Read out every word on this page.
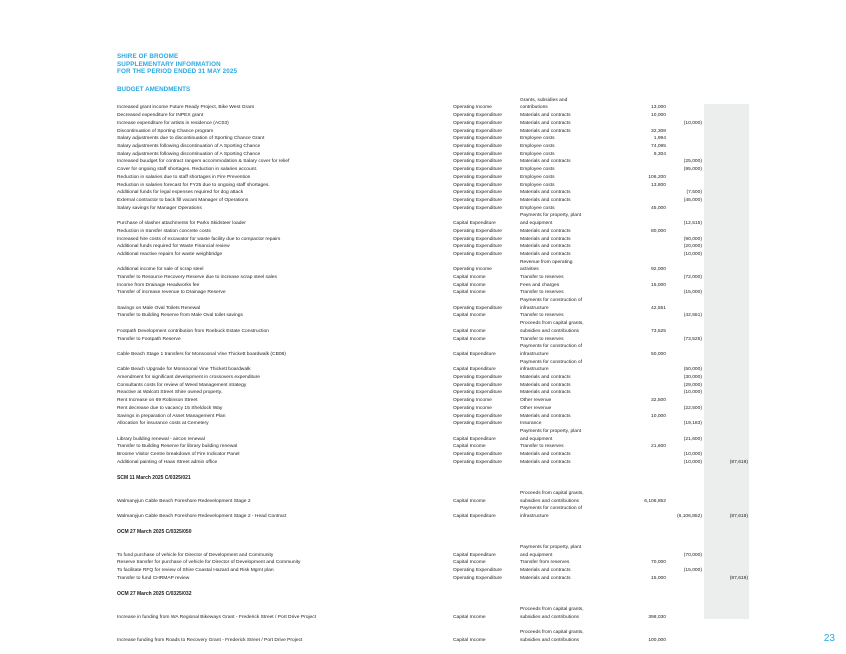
SHIRE OF BROOME
SUPPLEMENTARY INFORMATION
FOR THE PERIOD ENDED 31 MAY 2025
BUDGET AMENDMENTS
Grants, subsidies and
Increased grant income Future Ready Project, Bike West Grant	Operating Income	contributions	13,000
Decreased expenditure for INPEX grant	Operating Expenditure	Materials and contracts	10,000
Increase expenditure for artists in residence (AC03)	Operating Expenditure	Materials and contracts	(10,000)
Discontinuation of Sporting Chance program	Operating Expenditure	Materials and contracts	32,308
Salary adjustments due to discontinuation of Sporting Chance Grant	Operating Expenditure	Employee costs	1,994
Salary adjustments following discontinuation of A Sporting Chance	Operating Expenditure	Employee costs	74,095
Salary adjustments following discontinuation of A Sporting Chance	Operating Expenditure	Employee costs	9,304
Increased buudget for contract rangers accommodation & Salary cover for relief	Operating Expenditure	Materials and contracts	(25,000)
Cover for ongoing staff shortages. Reduction in salaries account.	Operating Expenditure	Employee costs	(95,000)
Reduction in salaries due to staff shortages in Fire Prevention	Operating Expenditure	Employee costs	106,200
Reduction in salaries forecast for FY25 due to ongoing staff shortages.	Operating Expenditure	Employee costs	13,800
Additional funds for legal expenses required for dog attack	Operating Expenditure	Materials and contracts	(7,500)
External contractor to back fill vacant Manager of Operations	Operating Expenditure	Materials and contracts	(45,000)
Salary savings for Manager Operations	Operating Expenditure	Employee costs	45,000
Payments for property, plant
Purchase of slasher attachments for Parks Skidsteer loader	Capital Expenditure	and equipment	(12,515)
Reduction in transfer station concrete costs	Operating Expenditure	Materials and contracts	80,000
Increased hire costs of excavator for waste facility due to compactor repairs	Operating Expenditure	Materials and contracts	(90,000)
Additional funds required for Waste Financial review	Operating Expenditure	Materials and contracts	(20,000)
Additional reactive repairs for waste weighbridge	Operating Expenditure	Materials and contracts	(10,000)
Revenue from operating
Additional income for sale of scrap steel	Operating Income	activities	92,000
Transfer to Resource Recovery Reserve due to increase scrap steel sales	Capital Income	Transfer to reserves	(72,000)
Income from Drainage Headworks fee	Capital Income	Fees and charges	15,000
Transfer of increase revenue to Drainage Reserve	Capital Income	Transfer to reserves	(15,000)
Payments for construction of
Savings on Male Oval Toilets Renewal	Operating Expenditure	infrastructure	42,551
Transfer to Building Reserve from Male Oval toilet savings	Capital Income	Transfer to reserves	(42,551)
Proceeds from capital grants,
Footpath Development contribution from Roebuck Estate Construction	Capital Income	subsidies and contributions	73,525
Transfer to Footpath Reserve	Capital Income	Transfer to reserves	(73,525)
Payments for construction of
Cable Beach Stage 1 transfers for Monsoonal Vine Thickett boardwalk (CB08)	Capital Expenditure	infrastructure	50,000
Payments for construction of
Cable Beach Upgrade for Monsoonal Vine Thickett boardwalk	Capital Expenditure	infrastructure	(50,000)
Amendment for significant development in crossovers expenditure	Operating Expenditure	Materials and contracts	(30,000)
Consultants costs for review of Weed Management strategy	Operating Expenditure	Materials and contracts	(29,000)
Reactive at Walcott Street Shire owned property.	Operating Expenditure	Materials and contracts	(10,000)
Rent Increase on 69 Robinson Street	Operating Income	Other revenue	32,500
Rent decrease due to vacancy 15 Sheldock Way	Operating Income	Other revenue	(22,500)
Savings in preparation of Asset Management Plan	Operating Expenditure	Materials and contracts	10,000
Allocation for insurance costs at Cemetery	Operating Expenditure	Insurance	(19,183)
Payments for property, plant
Library building renewal - aircon renewal	Capital Expenditure	and equipment	(21,600)
Transfer to Building Reserve for library building renewal	Capital Income	Transfer to reserves	21,600
Broome Visitor Centre breakdown of Fire Indicator Panel	Operating Expenditure	Materials and contracts	(10,000)
Additional painting of Haas Street admin office	Operating Expenditure	Materials and contracts	(10,000)	(87,619)
SCM 11 March 2025 C/0325/021
Proceeds from capital grants,
Walmanyjun Cable Beach Foreshore Redevelopment Stage 2	Capital Income	subsidies and contributions	6,106,852
Payments for construction of
Walmanyjun Cable Beach Foreshore Redevelopment Stage 2 - Head Contract	Capital Expenditure	infrastructure	(6,106,852)	(87,619)
OCM 27 March 2025 C/0325/050
Payments for property, plant
To fund purchase of vehicle for Director of Development and Community	Capital Expenditure	and equipment	(70,000)
Reserve transfer for purchase of vehicle for Director of Development and Community	Capital Income	Transfer from reserves	70,000
To facilitate RFQ for review of Shire Coastal Hazard and Risk Mgmt plan	Operating Expenditure	Materials and contracts	(15,000)
Transfer to fund CHRMAP review	Operating Expenditure	Materials and contracts	15,000	(87,619)
OCM 27 March 2025 C/0325/032
Proceeds from capital grants,
Increase in funding from WA Regional Bikeways Grant - Frederick Street / Port Drive Project	Capital Income	subsidies and contributions	398,030
Proceeds from capital grants,
Increase funding from Roads to Recovery Grant - Frederick Street / Port Drive Project	Capital Income	subsidies and contributions	100,000	23
